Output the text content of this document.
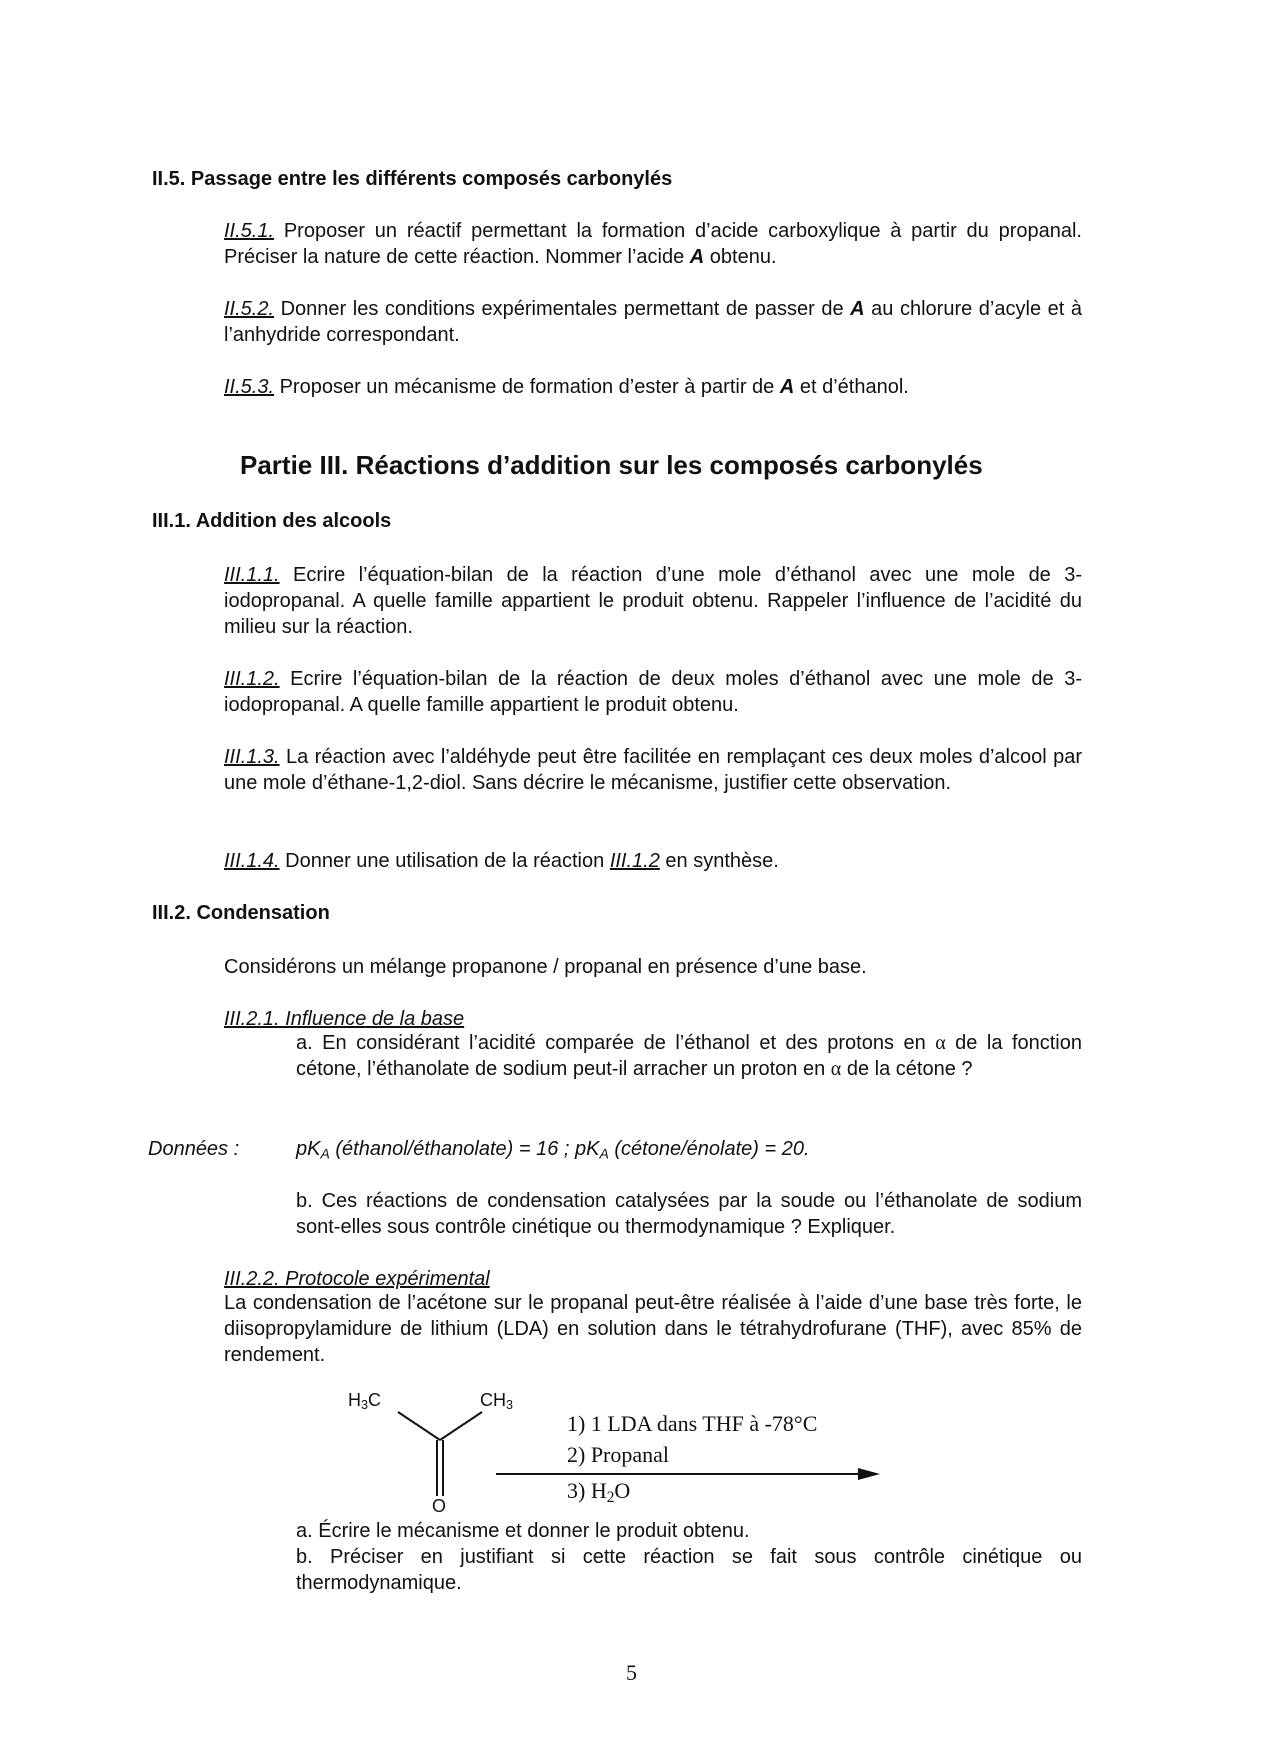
II.5. Passage entre les différents composés carbonylés
II.5.1. Proposer un réactif permettant la formation d’acide carboxylique à partir du propanal. Préciser la nature de cette réaction. Nommer l’acide A obtenu.
II.5.2. Donner les conditions expérimentales permettant de passer de A au chlorure d’acyle et à l’anhydride correspondant.
II.5.3. Proposer un mécanisme de formation d’ester à partir de A et d’éthanol.
Partie III. Réactions d’addition sur les composés carbonylés
III.1. Addition des alcools
III.1.1. Ecrire l’équation-bilan de la réaction d’une mole d’éthanol avec une mole de 3-iodopropanal. A quelle famille appartient le produit obtenu. Rappeler l’influence de l’acidité du milieu sur la réaction.
III.1.2. Ecrire l’équation-bilan de la réaction de deux moles d’éthanol avec une mole de 3-iodopropanal. A quelle famille appartient le produit obtenu.
III.1.3. La réaction avec l’aldéhyde peut être facilitée en remplaçant ces deux moles d’alcool par une mole d’éthane-1,2-diol. Sans décrire le mécanisme, justifier cette observation.
III.1.4. Donner une utilisation de la réaction III.1.2 en synthèse.
III.2. Condensation
Considérons un mélange propanone / propanal en présence d’une base.
III.2.1. Influence de la base
a. En considérant l’acidité comparée de l’éthanol et des protons en α de la fonction cétone, l’éthanolate de sodium peut-il arracher un proton en α de la cétone ?
Données :	$pK_A$ (éthanol/éthanolate) = 16 ; $pK_A$ (cétone/énolate) = 20.
b. Ces réactions de condensation catalysées par la soude ou l’éthanolate de sodium sont-elles sous contrôle cinétique ou thermodynamique ? Expliquer.
III.2.2. Protocole expérimental
La condensation de l’acétone sur le propanal peut-être réalisée à l’aide d’une base très forte, le diisopropylamidure de lithium (LDA) en solution dans le tétrahydrofurane (THF), avec 85% de rendement.
$H_3C$	$CH_3$
O
1) 1 LDA dans THF à -78°C
2) Propanal
3) $H_2O$
a. Écrire le mécanisme et donner le produit obtenu.
b. Préciser en justifiant si cette réaction se fait sous contrôle cinétique ou thermodynamique.
5
